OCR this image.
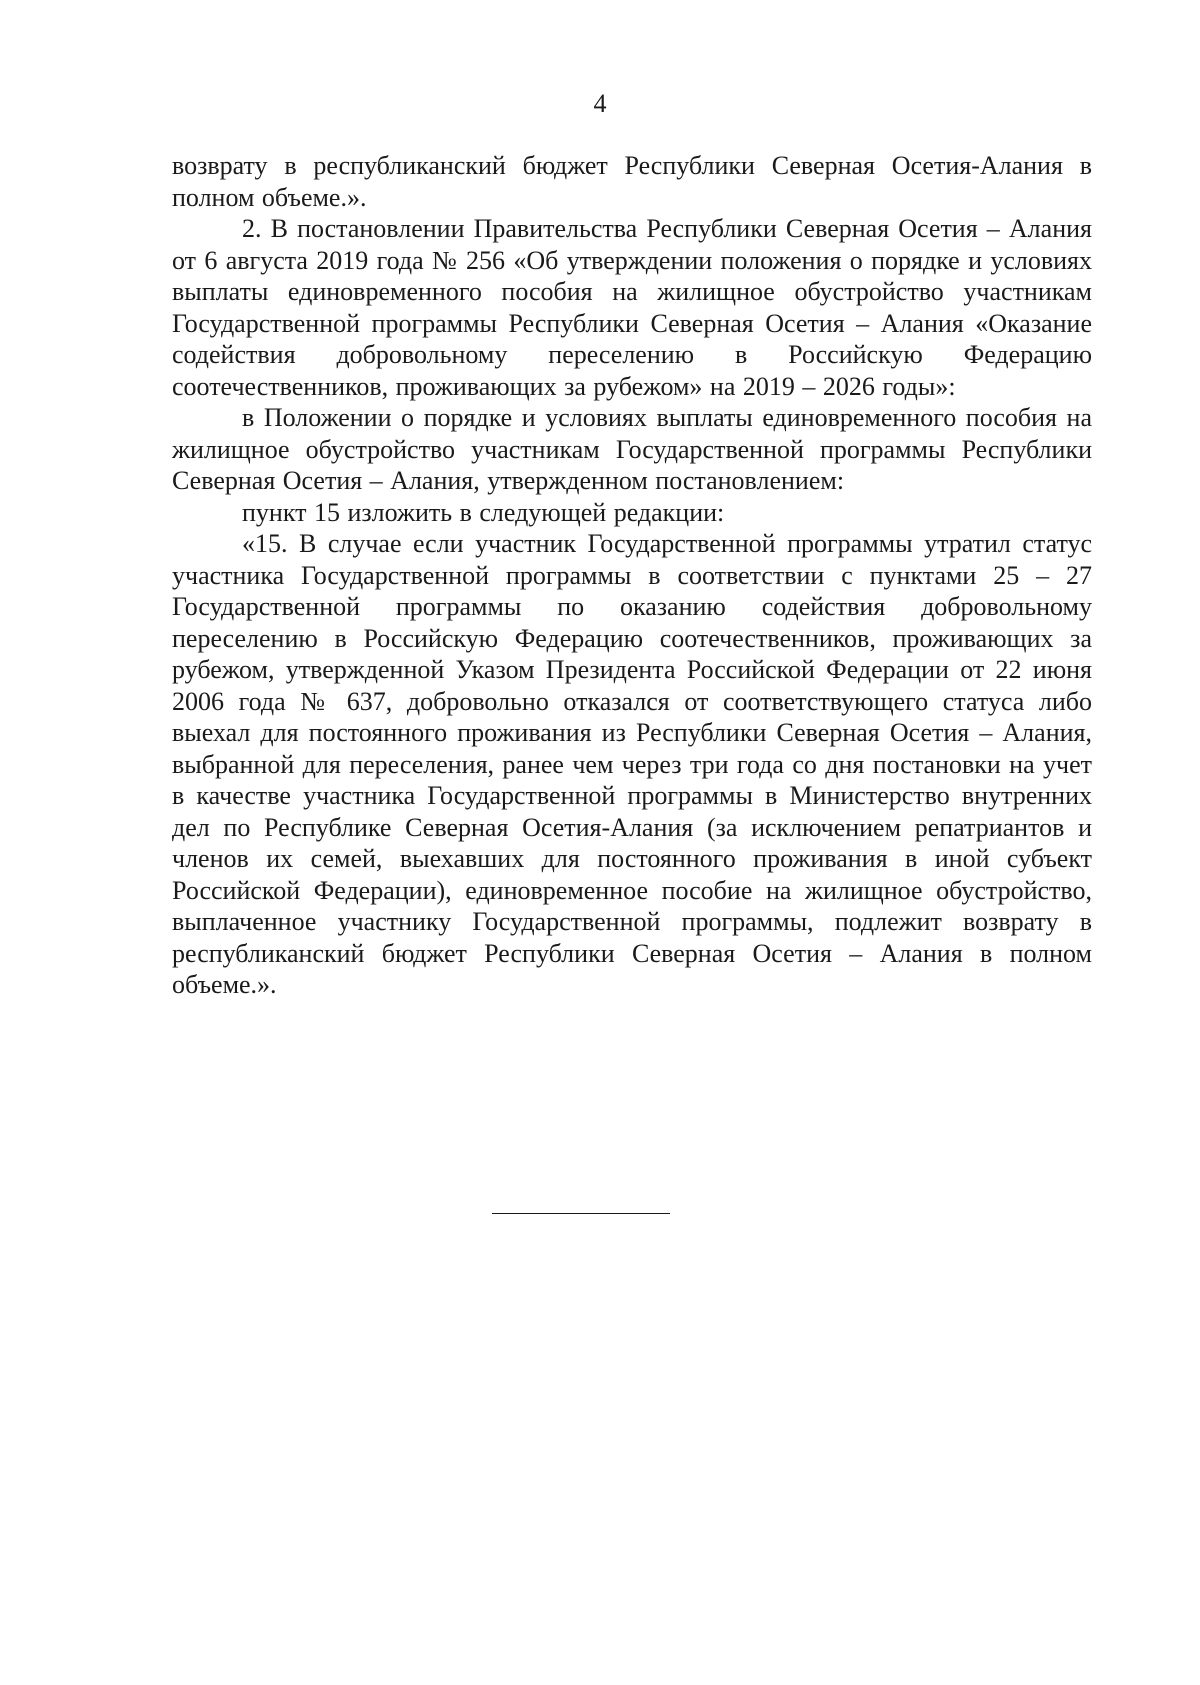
4

возврату в республиканский бюджет Республики Северная Осетия-Алания в полном объеме.».

2. В постановлении Правительства Республики Северная Осетия – Алания от 6 августа 2019 года № 256 «Об утверждении положения о порядке и условиях выплаты единовременного пособия на жилищное обустройство участникам Государственной программы Республики Северная Осетия – Алания «Оказание содействия добровольному переселению в Российскую Федерацию соотечественников, проживающих за рубежом» на 2019 – 2026 годы»:

в Положении о порядке и условиях выплаты единовременного пособия на жилищное обустройство участникам Государственной программы Республики Северная Осетия – Алания, утвержденном постановлением:

пункт 15 изложить в следующей редакции:

«15. В случае если участник Государственной программы утратил статус участника Государственной программы в соответствии с пунктами 25 – 27 Государственной программы по оказанию содействия добровольному переселению в Российскую Федерацию соотечественников, проживающих за рубежом, утвержденной Указом Президента Российской Федерации от 22 июня 2006 года № 637, добровольно отказался от соответствующего статуса либо выехал для постоянного проживания из Республики Северная Осетия – Алания, выбранной для переселения, ранее чем через три года со дня постановки на учет в качестве участника Государственной программы в Министерство внутренних дел по Республике Северная Осетия-Алания (за исключением репатриантов и членов их семей, выехавших для постоянного проживания в иной субъект Российской Федерации), единовременное пособие на жилищное обустройство, выплаченное участнику Государственной программы, подлежит возврату в республиканский бюджет Республики Северная Осетия – Алания в полном объеме.».
